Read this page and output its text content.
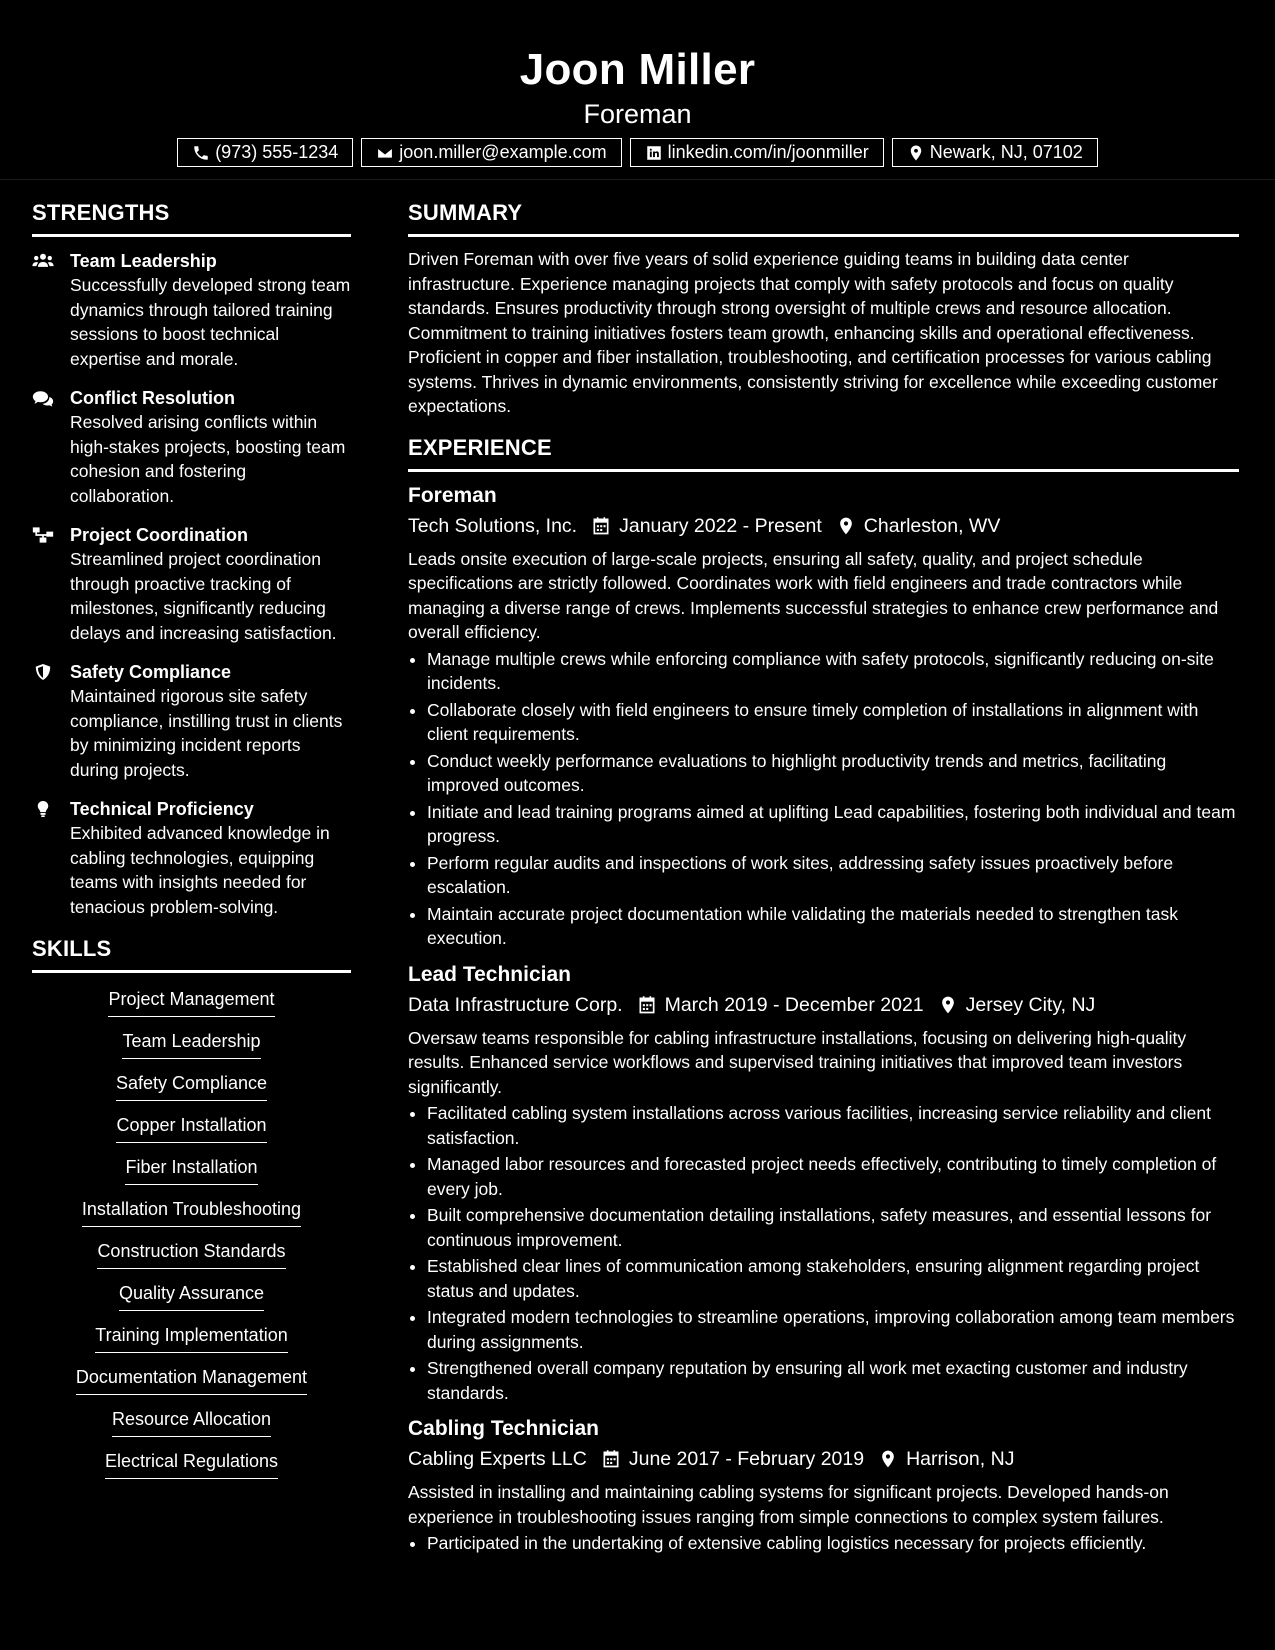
Joon Miller
Foreman
(973) 555-1234	joon.miller@example.com	linkedin.com/in/joonmiller	Newark, NJ, 07102
STRENGTHS
Team Leadership
Successfully developed strong team dynamics through tailored training sessions to boost technical expertise and morale.
Conflict Resolution
Resolved arising conflicts within high-stakes projects, boosting team cohesion and fostering collaboration.
Project Coordination
Streamlined project coordination through proactive tracking of milestones, significantly reducing delays and increasing satisfaction.
Safety Compliance
Maintained rigorous site safety compliance, instilling trust in clients by minimizing incident reports during projects.
Technical Proficiency
Exhibited advanced knowledge in cabling technologies, equipping teams with insights needed for tenacious problem-solving.
SKILLS
Project Management
Team Leadership
Safety Compliance
Copper Installation
Fiber Installation
Installation Troubleshooting
Construction Standards
Quality Assurance
Training Implementation
Documentation Management
Resource Allocation
Electrical Regulations
SUMMARY
Driven Foreman with over five years of solid experience guiding teams in building data center infrastructure. Experience managing projects that comply with safety protocols and focus on quality standards. Ensures productivity through strong oversight of multiple crews and resource allocation. Commitment to training initiatives fosters team growth, enhancing skills and operational effectiveness. Proficient in copper and fiber installation, troubleshooting, and certification processes for various cabling systems. Thrives in dynamic environments, consistently striving for excellence while exceeding customer expectations.
EXPERIENCE
Foreman
Tech Solutions, Inc. January 2022 - Present Charleston, WV
Leads onsite execution of large-scale projects, ensuring all safety, quality, and project schedule specifications are strictly followed. Coordinates work with field engineers and trade contractors while managing a diverse range of crews. Implements successful strategies to enhance crew performance and overall efficiency.
• Manage multiple crews while enforcing compliance with safety protocols, significantly reducing on-site incidents.
• Collaborate closely with field engineers to ensure timely completion of installations in alignment with client requirements.
• Conduct weekly performance evaluations to highlight productivity trends and metrics, facilitating improved outcomes.
• Initiate and lead training programs aimed at uplifting Lead capabilities, fostering both individual and team progress.
• Perform regular audits and inspections of work sites, addressing safety issues proactively before escalation.
• Maintain accurate project documentation while validating the materials needed to strengthen task execution.
Lead Technician
Data Infrastructure Corp. March 2019 - December 2021 Jersey City, NJ
Oversaw teams responsible for cabling infrastructure installations, focusing on delivering high-quality results. Enhanced service workflows and supervised training initiatives that improved team investors significantly.
• Facilitated cabling system installations across various facilities, increasing service reliability and client satisfaction.
• Managed labor resources and forecasted project needs effectively, contributing to timely completion of every job.
• Built comprehensive documentation detailing installations, safety measures, and essential lessons for continuous improvement.
• Established clear lines of communication among stakeholders, ensuring alignment regarding project status and updates.
• Integrated modern technologies to streamline operations, improving collaboration among team members during assignments.
• Strengthened overall company reputation by ensuring all work met exacting customer and industry standards.
Cabling Technician
Cabling Experts LLC June 2017 - February 2019 Harrison, NJ
Assisted in installing and maintaining cabling systems for significant projects. Developed hands-on experience in troubleshooting issues ranging from simple connections to complex system failures.
• Participated in the undertaking of extensive cabling logistics necessary for projects efficiently.
